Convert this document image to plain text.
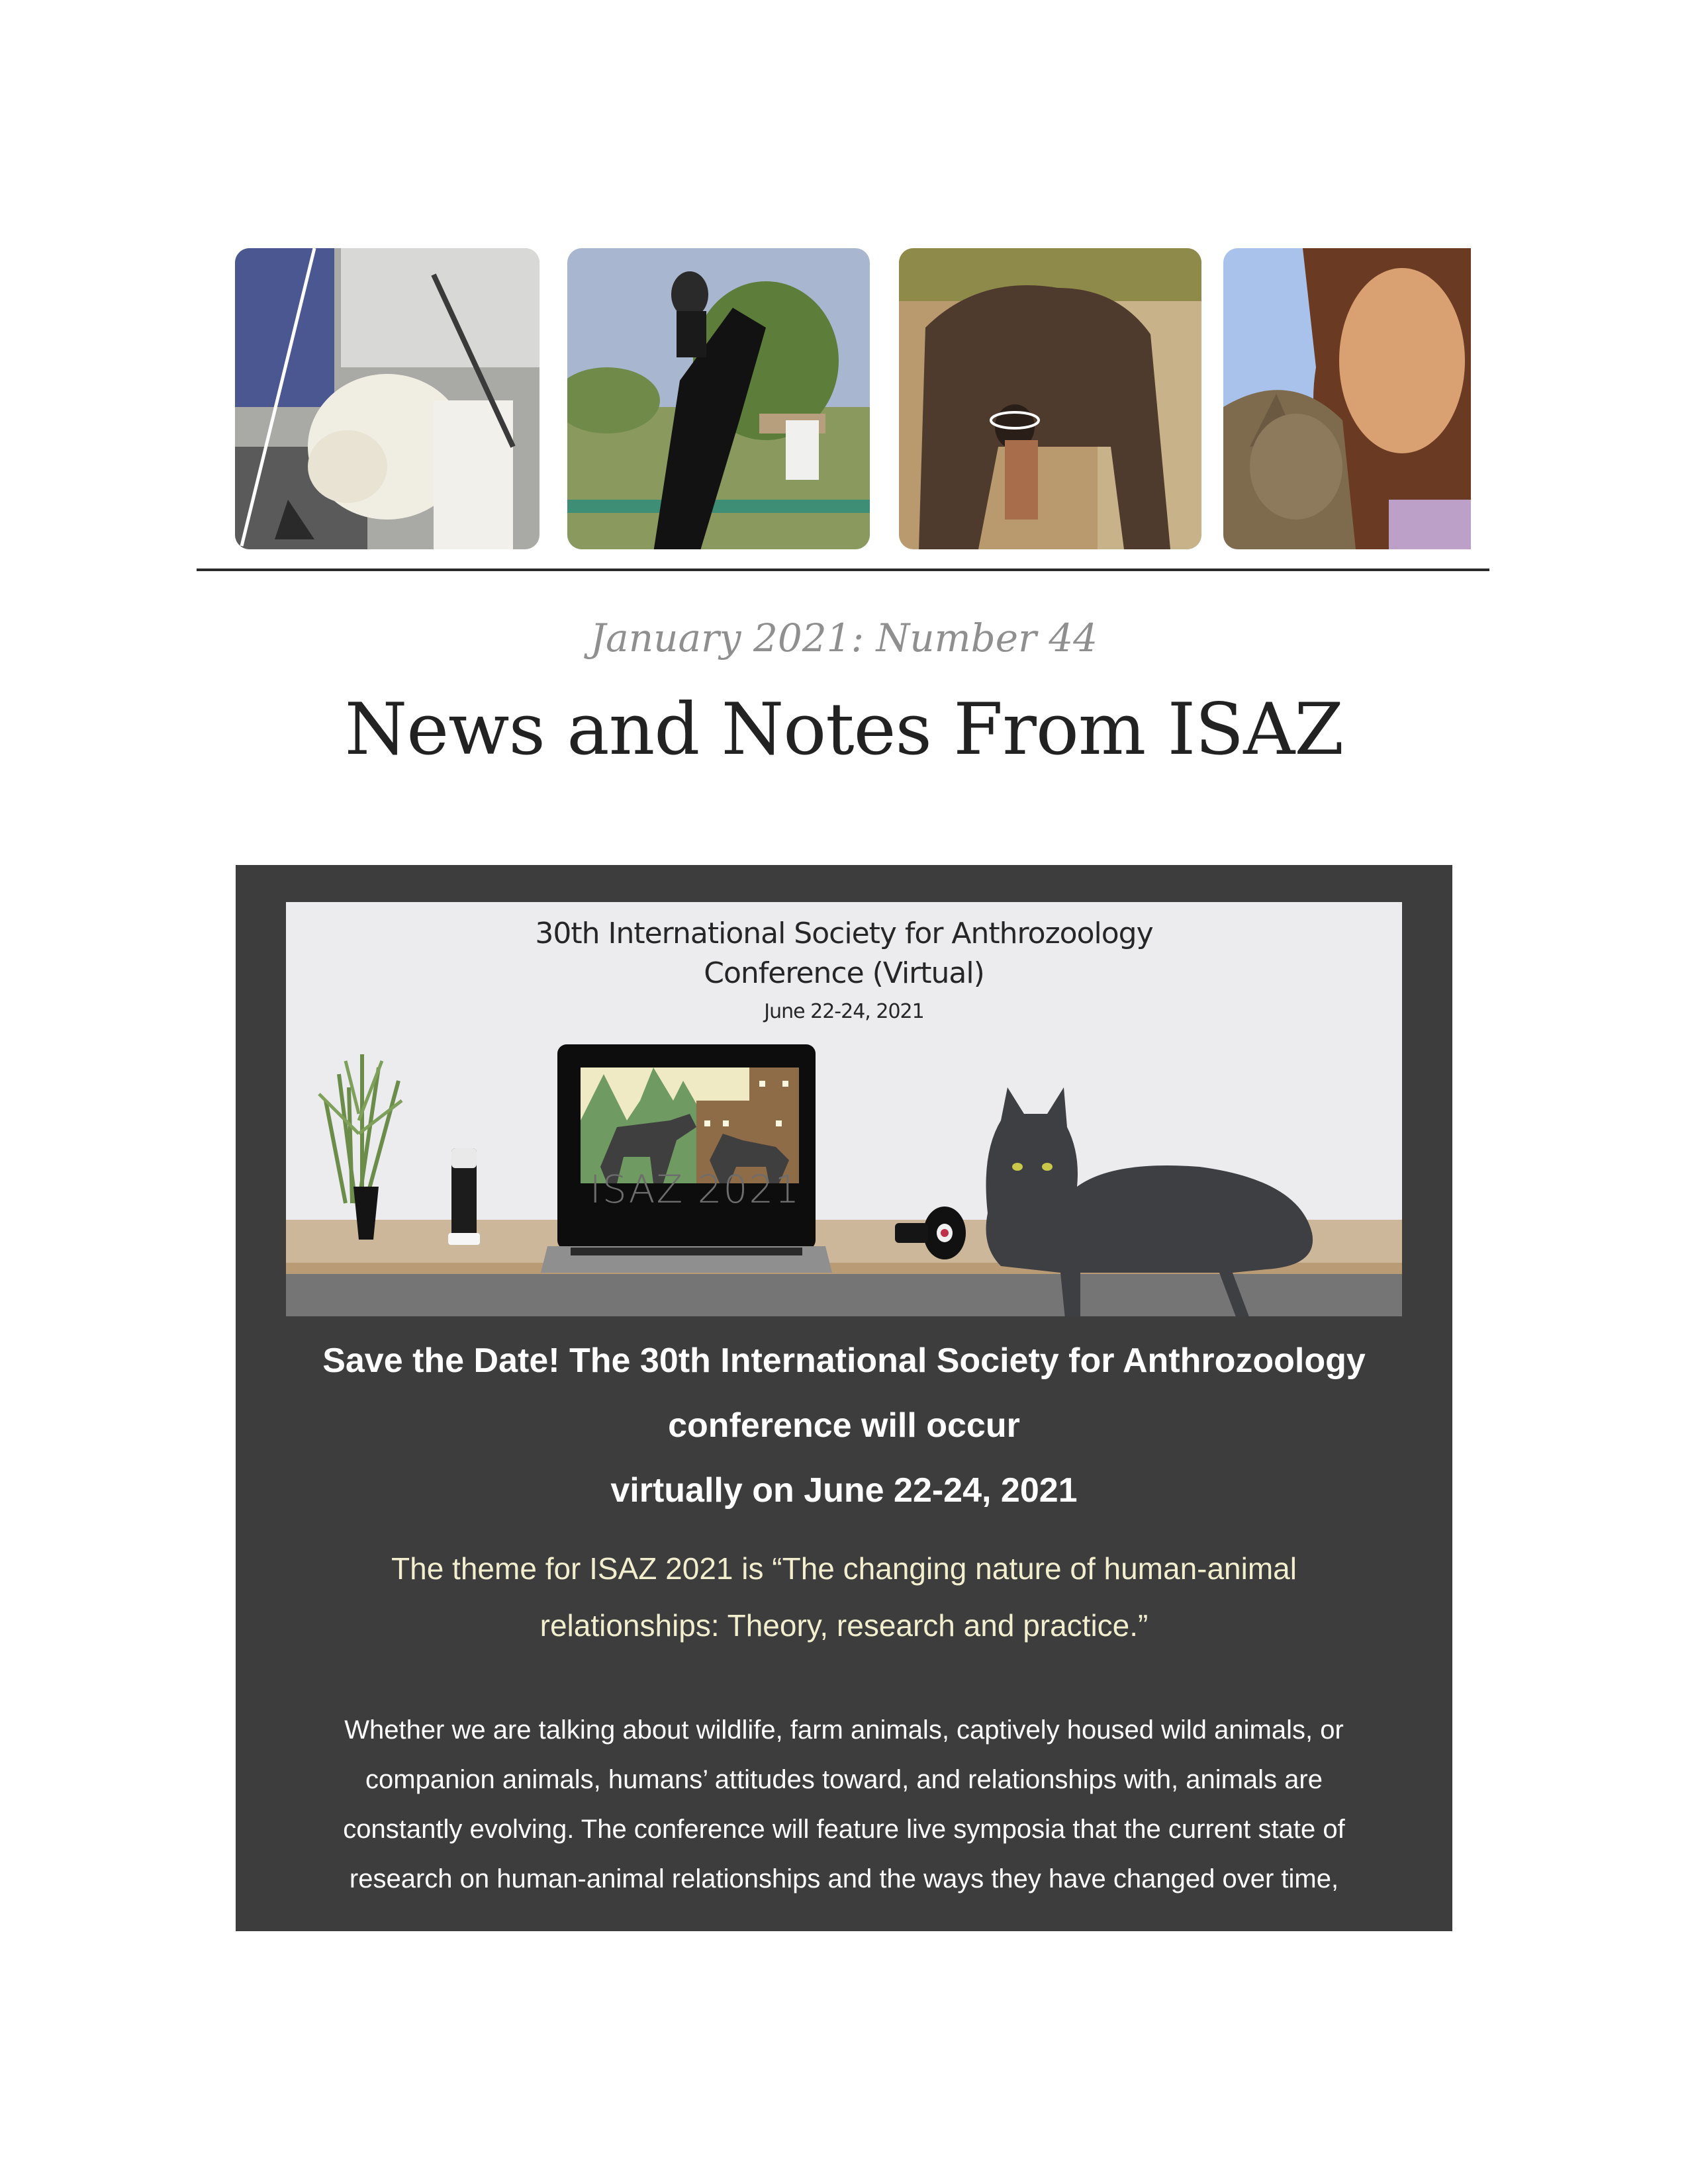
January 2021: Number 44
News and Notes From ISAZ
30th International Society for Anthrozoology
Conference (Virtual)
June 22-24, 2021
ISAZ 2021
Save the Date! The 30th International Society for Anthrozoology
conference will occur
virtually on June 22-24, 2021
The theme for ISAZ 2021 is “The changing nature of human-animal
relationships: Theory, research and practice.”
Whether we are talking about wildlife, farm animals, captively housed wild animals, or
companion animals, humans’ attitudes toward, and relationships with, animals are
constantly evolving. The conference will feature live symposia that the current state of
research on human-animal relationships and the ways they have changed over time,
